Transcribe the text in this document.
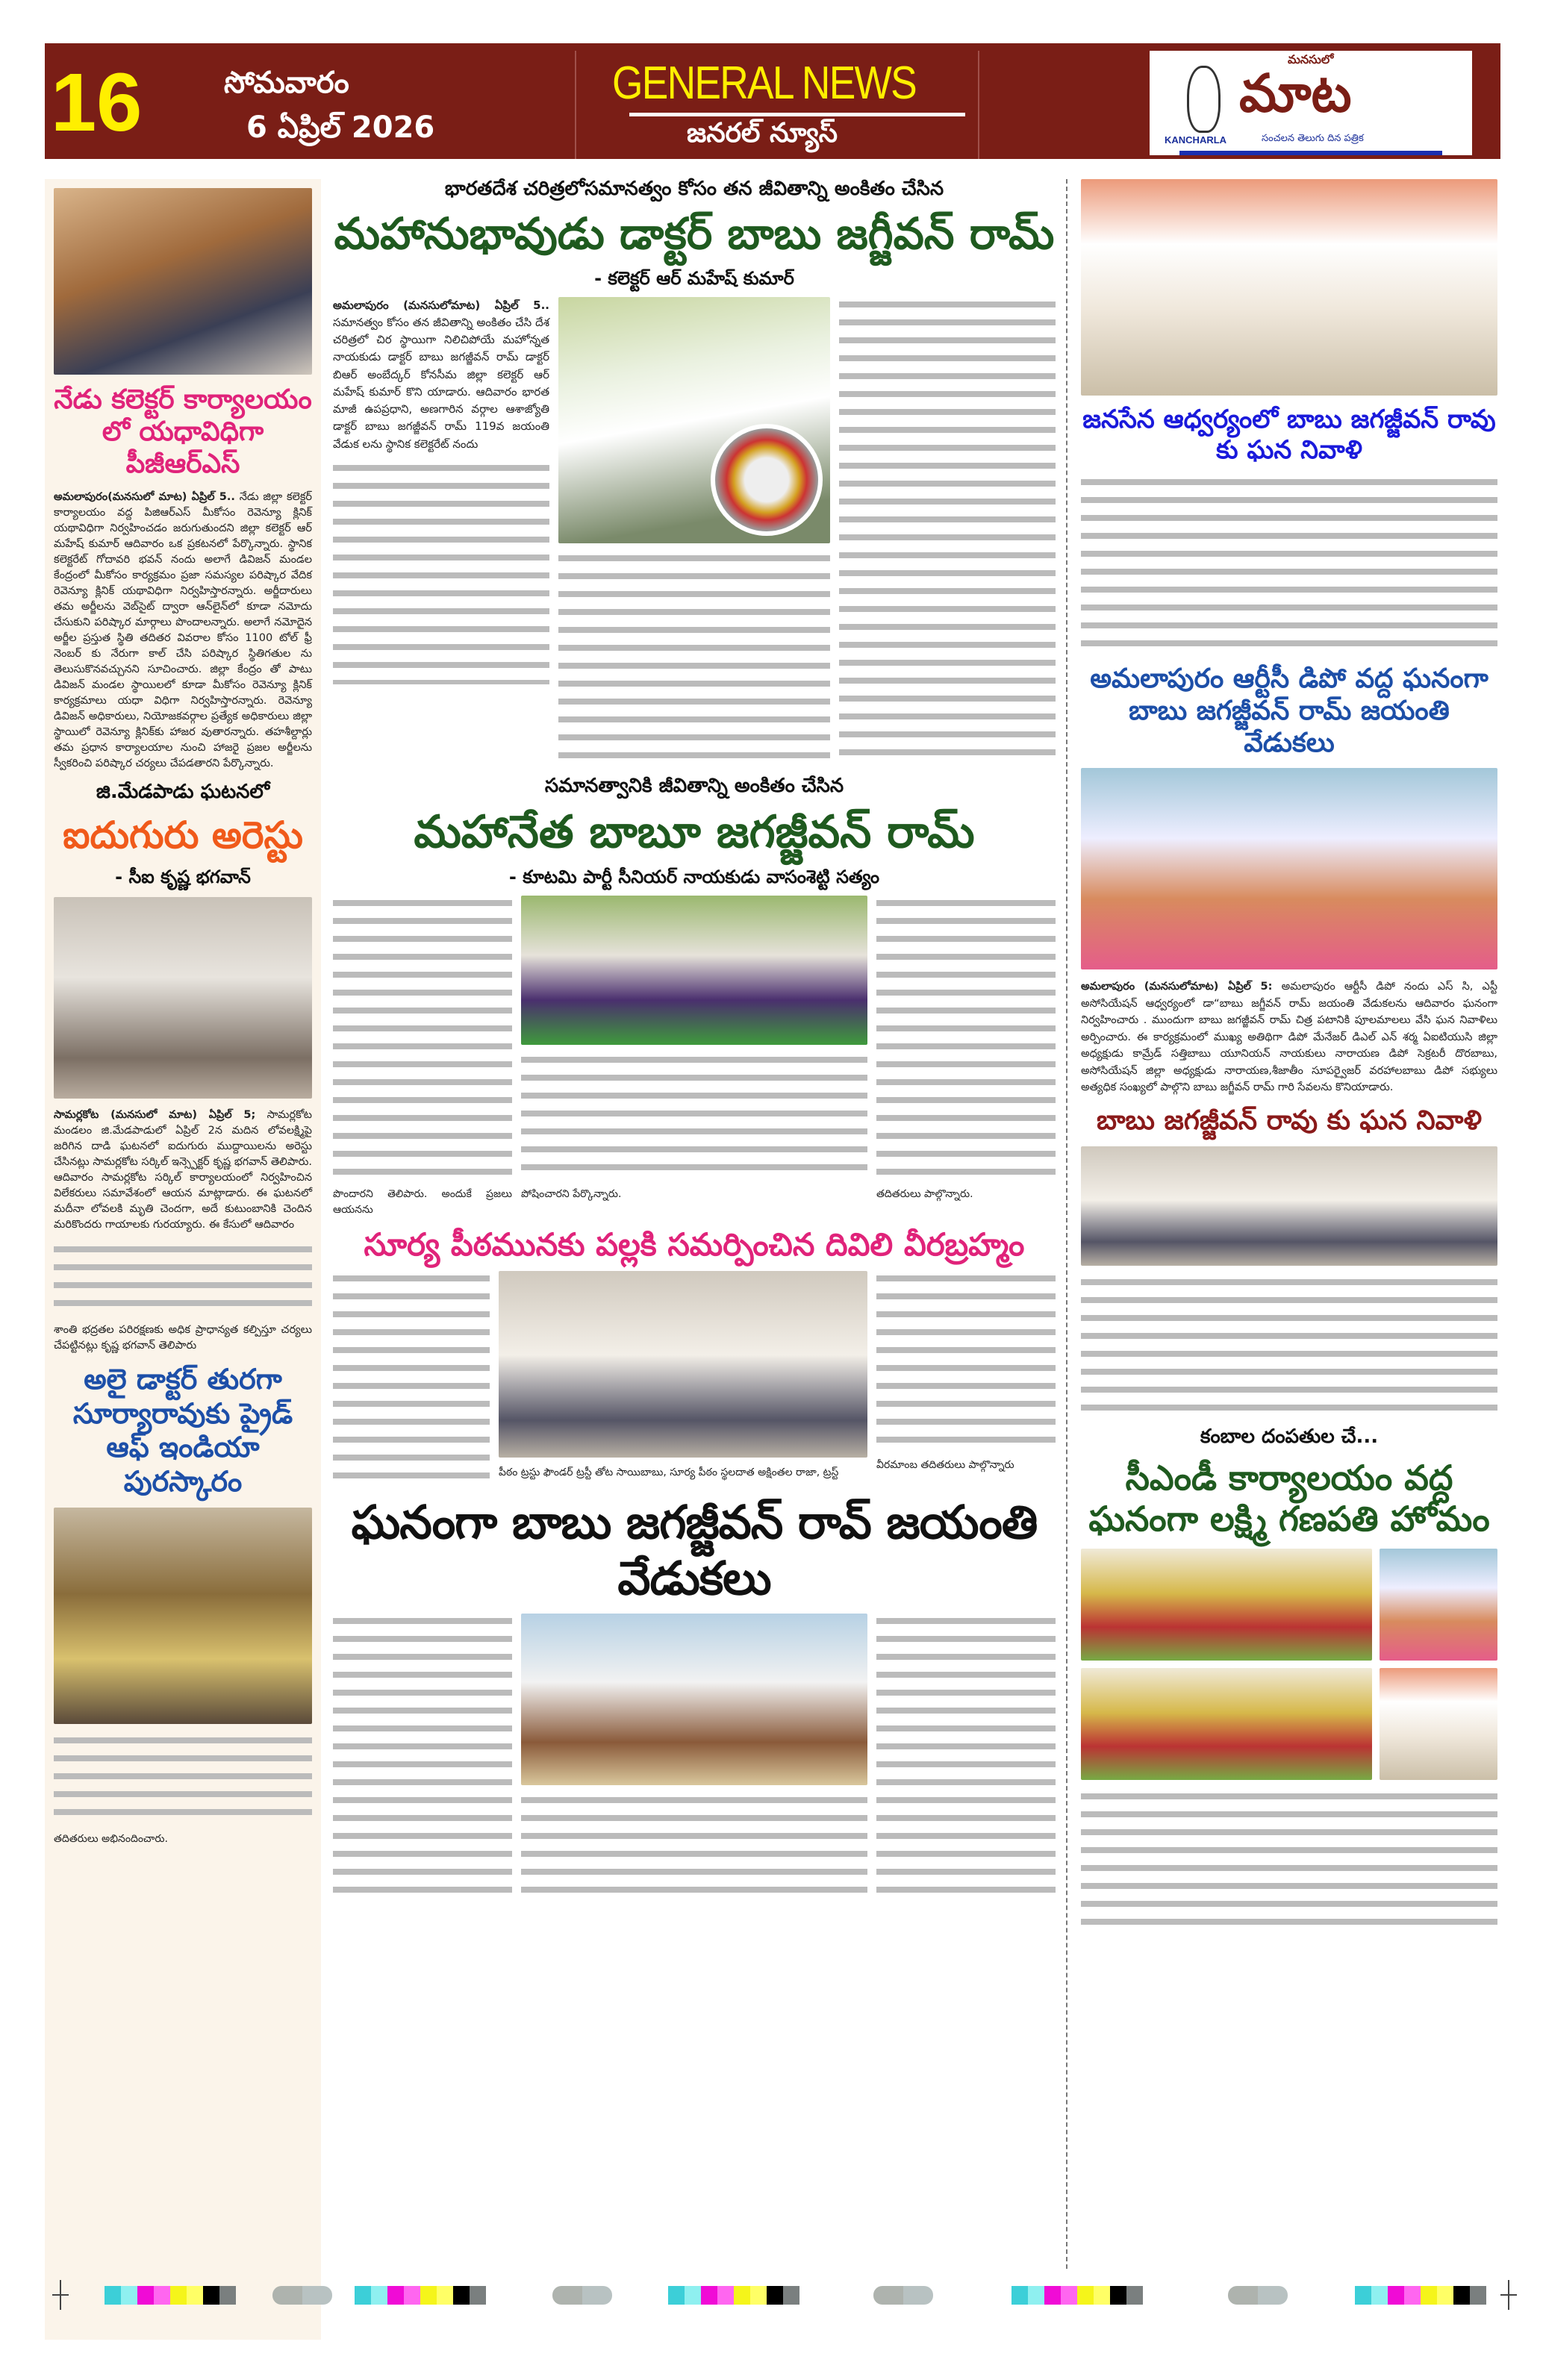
16	సోమవారం
6 ఏప్రిల్ 2026
GENERAL NEWS
జనరల్ న్యూస్
మనసులో
మాట
KANCHARLA	సంచలన తెలుగు దిన పత్రిక
నేడు కలెక్టర్ కార్యాలయం లో యధావిధిగా పీజీఆర్ఎస్
అమలాపురం(మనసులో మాట) ఏప్రిల్ 5.. నేడు జిల్లా కలెక్టర్ కార్యాలయం వద్ద పిజిఆర్ఎస్ మీకోసం రెవెన్యూ క్లినిక్ యథావిధిగా నిర్వహించడం జరుగుతుందని జిల్లా కలెక్టర్ ఆర్ మహేష్ కుమార్ ఆదివారం ఒక ప్రకటనలో పేర్కొన్నారు. స్థానిక కలెక్టరేట్ గోదావరి భవన్ నందు అలాగే డివిజన్ మండల కేంద్రంలో మీకోసం కార్యక్రమం ప్రజా సమస్యల పరిష్కార వేదిక రెవెన్యూ క్లినిక్ యథావిధిగా నిర్వహిస్తారన్నారు. అర్జీదారులు తమ అర్జీలను వెబ్‌సైట్ ద్వారా ఆన్‌లైన్‌లో కూడా నమోదు చేసుకుని పరిష్కార మార్గాలు పొందాలన్నారు. అలాగే నమోదైన అర్జీల ప్రస్తుత స్థితి తదితర వివరాల కోసం 1100 టోల్ ఫ్రీ నెంబర్ కు నేరుగా కాల్ చేసి పరిష్కార స్థితిగతుల ను తెలుసుకొనవచ్చునని సూచించారు. జిల్లా కేంద్రం తో పాటు డివిజన్ మండల స్థాయిలలో కూడా మీకోసం రెవెన్యూ క్లినిక్ కార్యక్రమాలు యధా విధిగా నిర్వహిస్తారన్నారు. రెవెన్యూ డివిజన్ అధికారులు, నియోజకవర్గాల ప్రత్యేక అధికారులు జిల్లా స్థాయిలో రెవెన్యూ క్లినిక్‌కు హాజర వుతారన్నారు. తహశీల్దార్లు తమ ప్రధాన కార్యాలయాల నుంచి హాజరై ప్రజల అర్జీలను స్వీకరించి పరిష్కార చర్యలు చేపడతారని పేర్కొన్నారు.
జి.మేడపాడు ఘటనలో
ఐదుగురు అరెస్టు
- సీఐ కృష్ణ భగవాన్
సామర్లకోట (మనసులో మాట) ఏప్రిల్ 5; సామర్లకోట మండలం జి.మేడపాడులో ఏప్రిల్ 2న మదిన లోవలక్ష్మిపై జరిగిన దాడి ఘటనలో ఐదుగురు ముద్దాయిలను అరెస్టు చేసినట్లు సామర్లకోట సర్కిల్ ఇన్స్పెక్టర్ కృష్ణ భగవాన్ తెలిపారు. ఆదివారం సామర్లకోట సర్కిల్ కార్యాలయంలో నిర్వహించిన విలేకరులు సమావేశంలో ఆయన మాట్లాడారు. ఈ ఘటనలో మదీనా లోవలకి మృతి చెందగా, అదే కుటుంబానికి చెందిన మరికొందరు గాయాలకు గురయ్యారు. ఈ కేసులో ఆదివారం
శాంతి భద్రతల పరిరక్షణకు అధిక ప్రాధాన్యత కల్పిస్తూ చర్యలు చేపట్టినట్లు కృష్ణ భగవాన్ తెలిపారు
అలై డాక్టర్ తురగా సూర్యారావుకు ప్రైడ్ ఆఫ్ ఇండియా పురస్కారం
తదితరులు అభినందించారు.
భారతదేశ చరిత్రలోసమానత్వం కోసం తన జీవితాన్ని అంకితం చేసిన
మహానుభావుడు డాక్టర్ బాబు జగ్జీవన్ రామ్
- కలెక్టర్ ఆర్ మహేష్ కుమార్
అమలాపురం (మనసులోమాట) ఏప్రిల్ 5.. సమానత్వం కోసం తన జీవితాన్ని అంకితం చేసి దేశ చరిత్రలో చిర స్థాయిగా నిలిచిపోయే మహోన్నత నాయకుడు డాక్టర్ బాబు జగజ్జీవన్ రామ్ డాక్టర్ బిఆర్ అంబేద్కర్ కోనసీమ జిల్లా కలెక్టర్ ఆర్ మహేష్ కుమార్ కొని యాడారు. ఆదివారం భారత మాజీ ఉపప్రధాని, అణగారిన వర్గాల ఆశాజ్యోతి డాక్టర్ బాబు జగజ్జీవన్ రామ్ 119వ జయంతి వేడుక లను స్థానిక కలెక్టరేట్ నందు
సమానత్వానికి జీవితాన్ని అంకితం చేసిన
మహానేత బాబూ జగజ్జీవన్ రామ్
- కూటమి పార్టీ సీనియర్ నాయకుడు వాసంశెట్టి సత్యం
పొందారని తెలిపారు. అందుకే ప్రజలు ఆయనను
పోషించారని పేర్కొన్నారు.	తదితరులు పాల్గొన్నారు.
సూర్య పీఠమునకు పల్లకి సమర్పించిన దివిలి వీరబ్రహ్మం
పీఠం ట్రస్టు ఫౌండర్ ట్రస్టీ తోట సాయిబాబు, సూర్య పీఠం స్థలదాత అక్షింతల రాజా, ట్రస్ట్
వీరమాంబ తదితరులు పాల్గొన్నారు
ఘనంగా బాబు జగజ్జీవన్ రావ్ జయంతి వేడుకలు
జనసేన ఆధ్వర్యంలో బాబు జగజ్జీవన్ రావు కు ఘన నివాళి
అమలాపురం ఆర్టీసీ డిపో వద్ద ఘనంగా బాబు జగజ్జీవన్ రామ్ జయంతి వేడుకలు
అమలాపురం (మనసులోమాట) ఏప్రిల్ 5: అమలాపురం ఆర్టీసీ డిపో నందు ఎస్ సి, ఎస్టీ అసోసియేషన్ ఆధ్వర్యంలో డా“బాబు జగ్జీవన్ రామ్ జయంతి వేడుకలను ఆదివారం ఘనంగా నిర్వహించారు . ముందుగా బాబు జగజ్జీవన్ రామ్ చిత్ర పటానికి పూలమాలలు వేసి ఘన నివాళిలు అర్పించారు. ఈ కార్యక్రమంలో ముఖ్య అతిథిగా డిపో మేనేజర్ డిఎల్ ఎన్ శర్మ ఏఐటియుసి జిల్లా అధ్యక్షుడు కామ్రేడ్ సత్తిబాబు యూనియన్ నాయకులు నారాయణ డిపో సెక్రటరీ దొరబాబు, అసోసియేషన్ జిల్లా అధ్యక్షుడు నారాయణ,శీజాతీం సూపర్వైజర్ వరహాలబాబు డిపో సభ్యులు అత్యధిక సంఖ్యలో పాల్గొని బాబు జగ్జీవన్ రామ్ గారి సేవలను కొనియాడారు.
బాబు జగజ్జీవన్ రావు కు ఘన నివాళి
కంబాల దంపతుల చే...
సీఎండీ కార్యాలయం వద్ద ఘనంగా లక్ష్మి గణపతి హోమం
